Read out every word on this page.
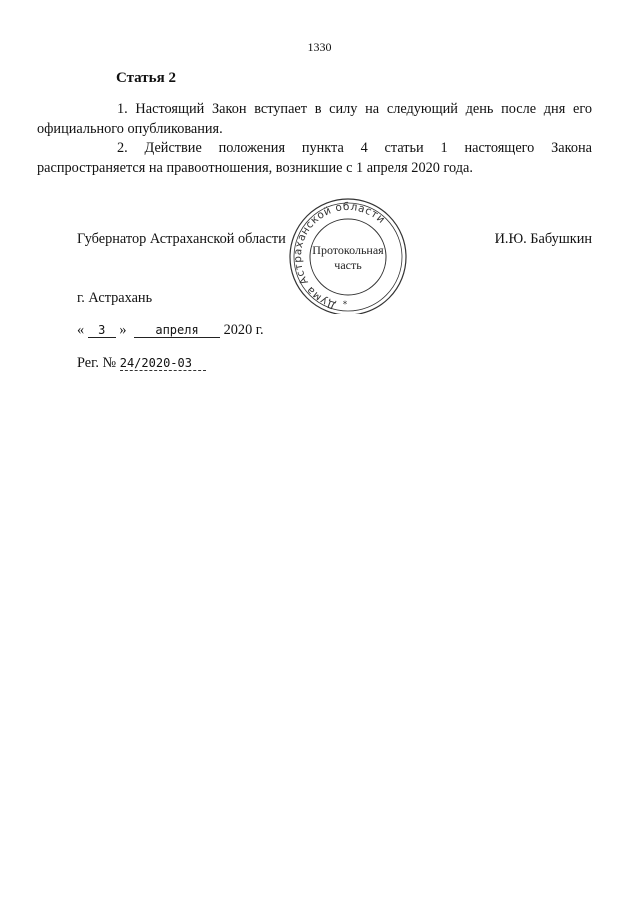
1330
Статья 2
1. Настоящий Закон вступает в силу на следующий день после дня его
официального опубликования.
2. Действие положения пункта 4 статьи 1 настоящего Закона
распространяется на правоотношения, возникшие с 1 апреля 2020 года.
Губернатор Астраханской области	И.Ю. Бабушкин
Дума Астраханской области
Протокольная
часть
*
г. Астрахань
« 3 » апреля 2020 г.
Рег. № 24/2020-03
